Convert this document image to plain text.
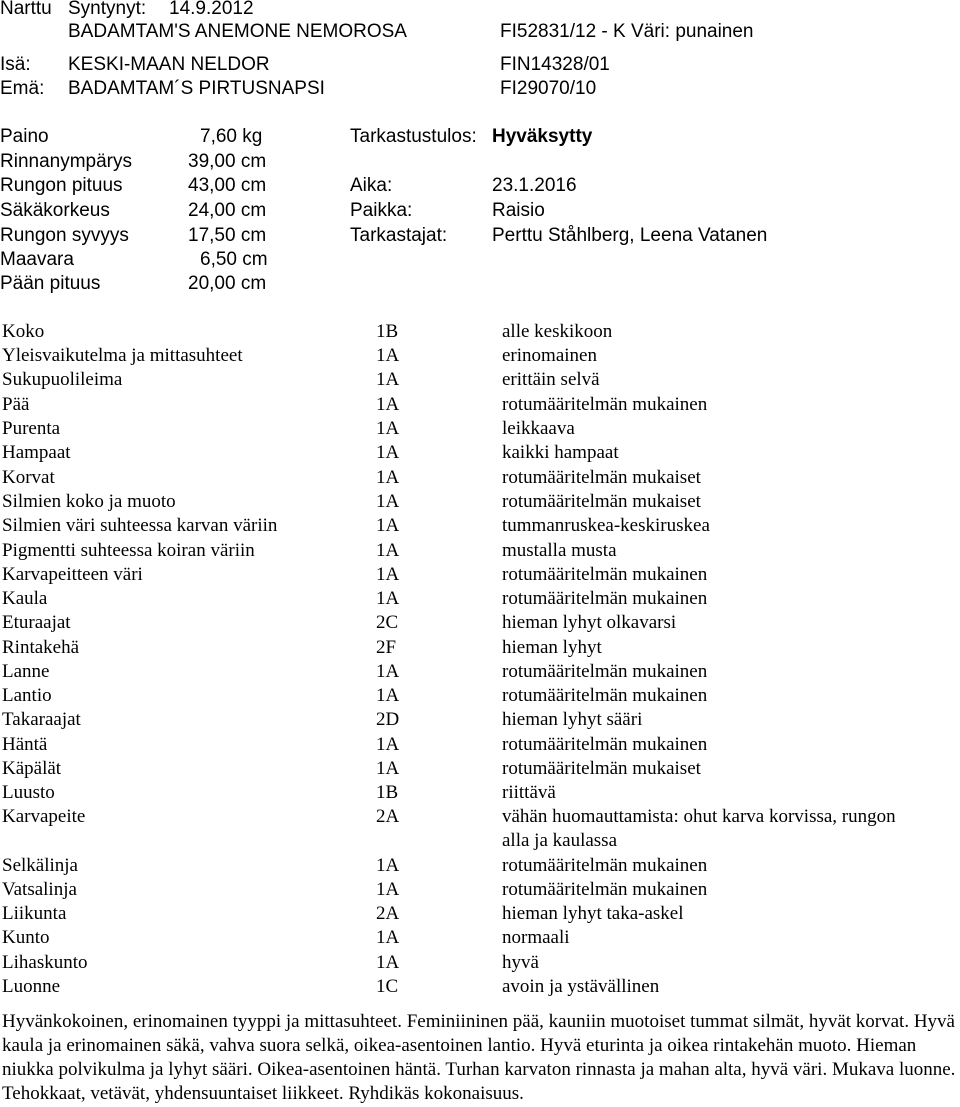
Narttu Syntynyt: 14.9.2012
BADAMTAM'S ANEMONE NEMOROSA	FI52831/12 - K Väri: punainen
Isä: KESKI-MAAN NELDOR	FIN14328/01
Emä: BADAMTAM´S PIRTUSNAPSI	FI29070/10
Paino	7,60 kg
Rinnanympärys	39,00 cm
Rungon pituus	43,00 cm
Säkäkorkeus	24,00 cm
Rungon syvyys	17,50 cm
Maavara	6,50 cm
Pään pituus	20,00 cm
Tarkastustulos: Hyväksytty
Aika:	23.1.2016
Paikka:	Raisio
Tarkastajat: Perttu Ståhlberg, Leena Vatanen
Koko	1B	alle keskikoon
Yleisvaikutelma ja mittasuhteet	1A	erinomainen
Sukupuolileima	1A	erittäin selvä
Pää	1A	rotumääritelmän mukainen
Purenta	1A	leikkaava
Hampaat	1A	kaikki hampaat
Korvat	1A	rotumääritelmän mukaiset
Silmien koko ja muoto	1A	rotumääritelmän mukaiset
Silmien väri suhteessa karvan väriin	1A	tummanruskea-keskiruskea
Pigmentti suhteessa koiran väriin	1A	mustalla musta
Karvapeitteen väri	1A	rotumääritelmän mukainen
Kaula	1A	rotumääritelmän mukainen
Eturaajat	2C	hieman lyhyt olkavarsi
Rintakehä	2F	hieman lyhyt
Lanne	1A	rotumääritelmän mukainen
Lantio	1A	rotumääritelmän mukainen
Takaraajat	2D	hieman lyhyt sääri
Häntä	1A	rotumääritelmän mukainen
Käpälät	1A	rotumääritelmän mukaiset
Luusto	1B	riittävä
Karvapeite	2A	vähän huomauttamista: ohut karva korvissa, rungon
alla ja kaulassa
Selkälinja	1A	rotumääritelmän mukainen
Vatsalinja	1A	rotumääritelmän mukainen
Liikunta	2A	hieman lyhyt taka-askel
Kunto	1A	normaali
Lihaskunto	1A	hyvä
Luonne	1C	avoin ja ystävällinen
Hyvänkokoinen, erinomainen tyyppi ja mittasuhteet. Feminiininen pää, kauniin muotoiset tummat silmät, hyvät korvat. Hyvä kaula ja erinomainen säkä, vahva suora selkä, oikea-asentoinen lantio. Hyvä eturinta ja oikea rintakehän muoto. Hieman niukka polvikulma ja lyhyt sääri. Oikea-asentoinen häntä. Turhan karvaton rinnasta ja mahan alta, hyvä väri. Mukava luonne. Tehokkaat, vetävät, yhdensuuntaiset liikkeet. Ryhdikäs kokonaisuus.
